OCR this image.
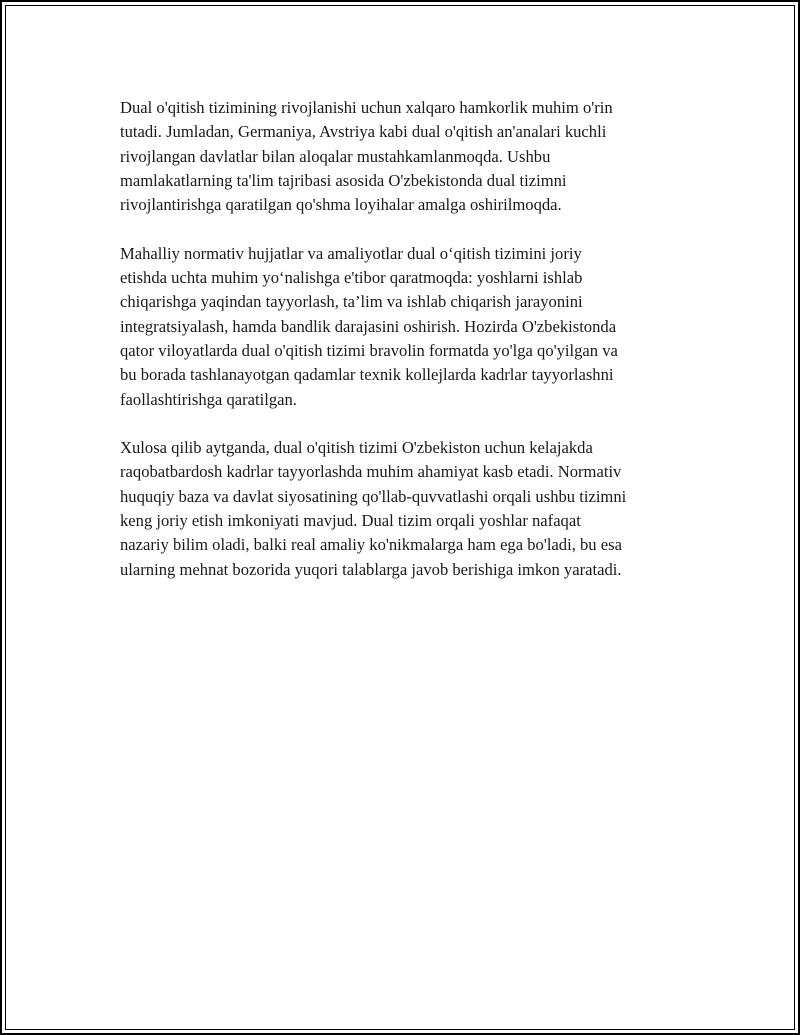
Dual o'qitish tizimining rivojlanishi uchun xalqaro hamkorlik muhim o'rin
tutadi. Jumladan, Germaniya, Avstriya kabi dual o'qitish an'analari kuchli
rivojlangan davlatlar bilan aloqalar mustahkamlanmoqda. Ushbu
mamlakatlarning ta'lim tajribasi asosida O'zbekistonda dual tizimni
rivojlantirishga qaratilgan qo'shma loyihalar amalga oshirilmoqda.

Mahalliy normativ hujjatlar va amaliyotlar dual o‘qitish tizimini joriy
etishda uchta muhim yo‘nalishga e'tibor qaratmoqda: yoshlarni ishlab
chiqarishga yaqindan tayyorlash, ta’lim va ishlab chiqarish jarayonini
integratsiyalash, hamda bandlik darajasini oshirish. Hozirda O'zbekistonda
qator viloyatlarda dual o'qitish tizimi bravolin formatda yo'lga qo'yilgan va
bu borada tashlanayotgan qadamlar texnik kollejlarda kadrlar tayyorlashni
faollashtirishga qaratilgan.

Xulosa qilib aytganda, dual o'qitish tizimi O'zbekiston uchun kelajakda
raqobatbardosh kadrlar tayyorlashda muhim ahamiyat kasb etadi. Normativ
huquqiy baza va davlat siyosatining qo'llab-quvvatlashi orqali ushbu tizimni
keng joriy etish imkoniyati mavjud. Dual tizim orqali yoshlar nafaqat
nazariy bilim oladi, balki real amaliy ko'nikmalarga ham ega bo'ladi, bu esa
ularning mehnat bozorida yuqori talablarga javob berishiga imkon yaratadi.
